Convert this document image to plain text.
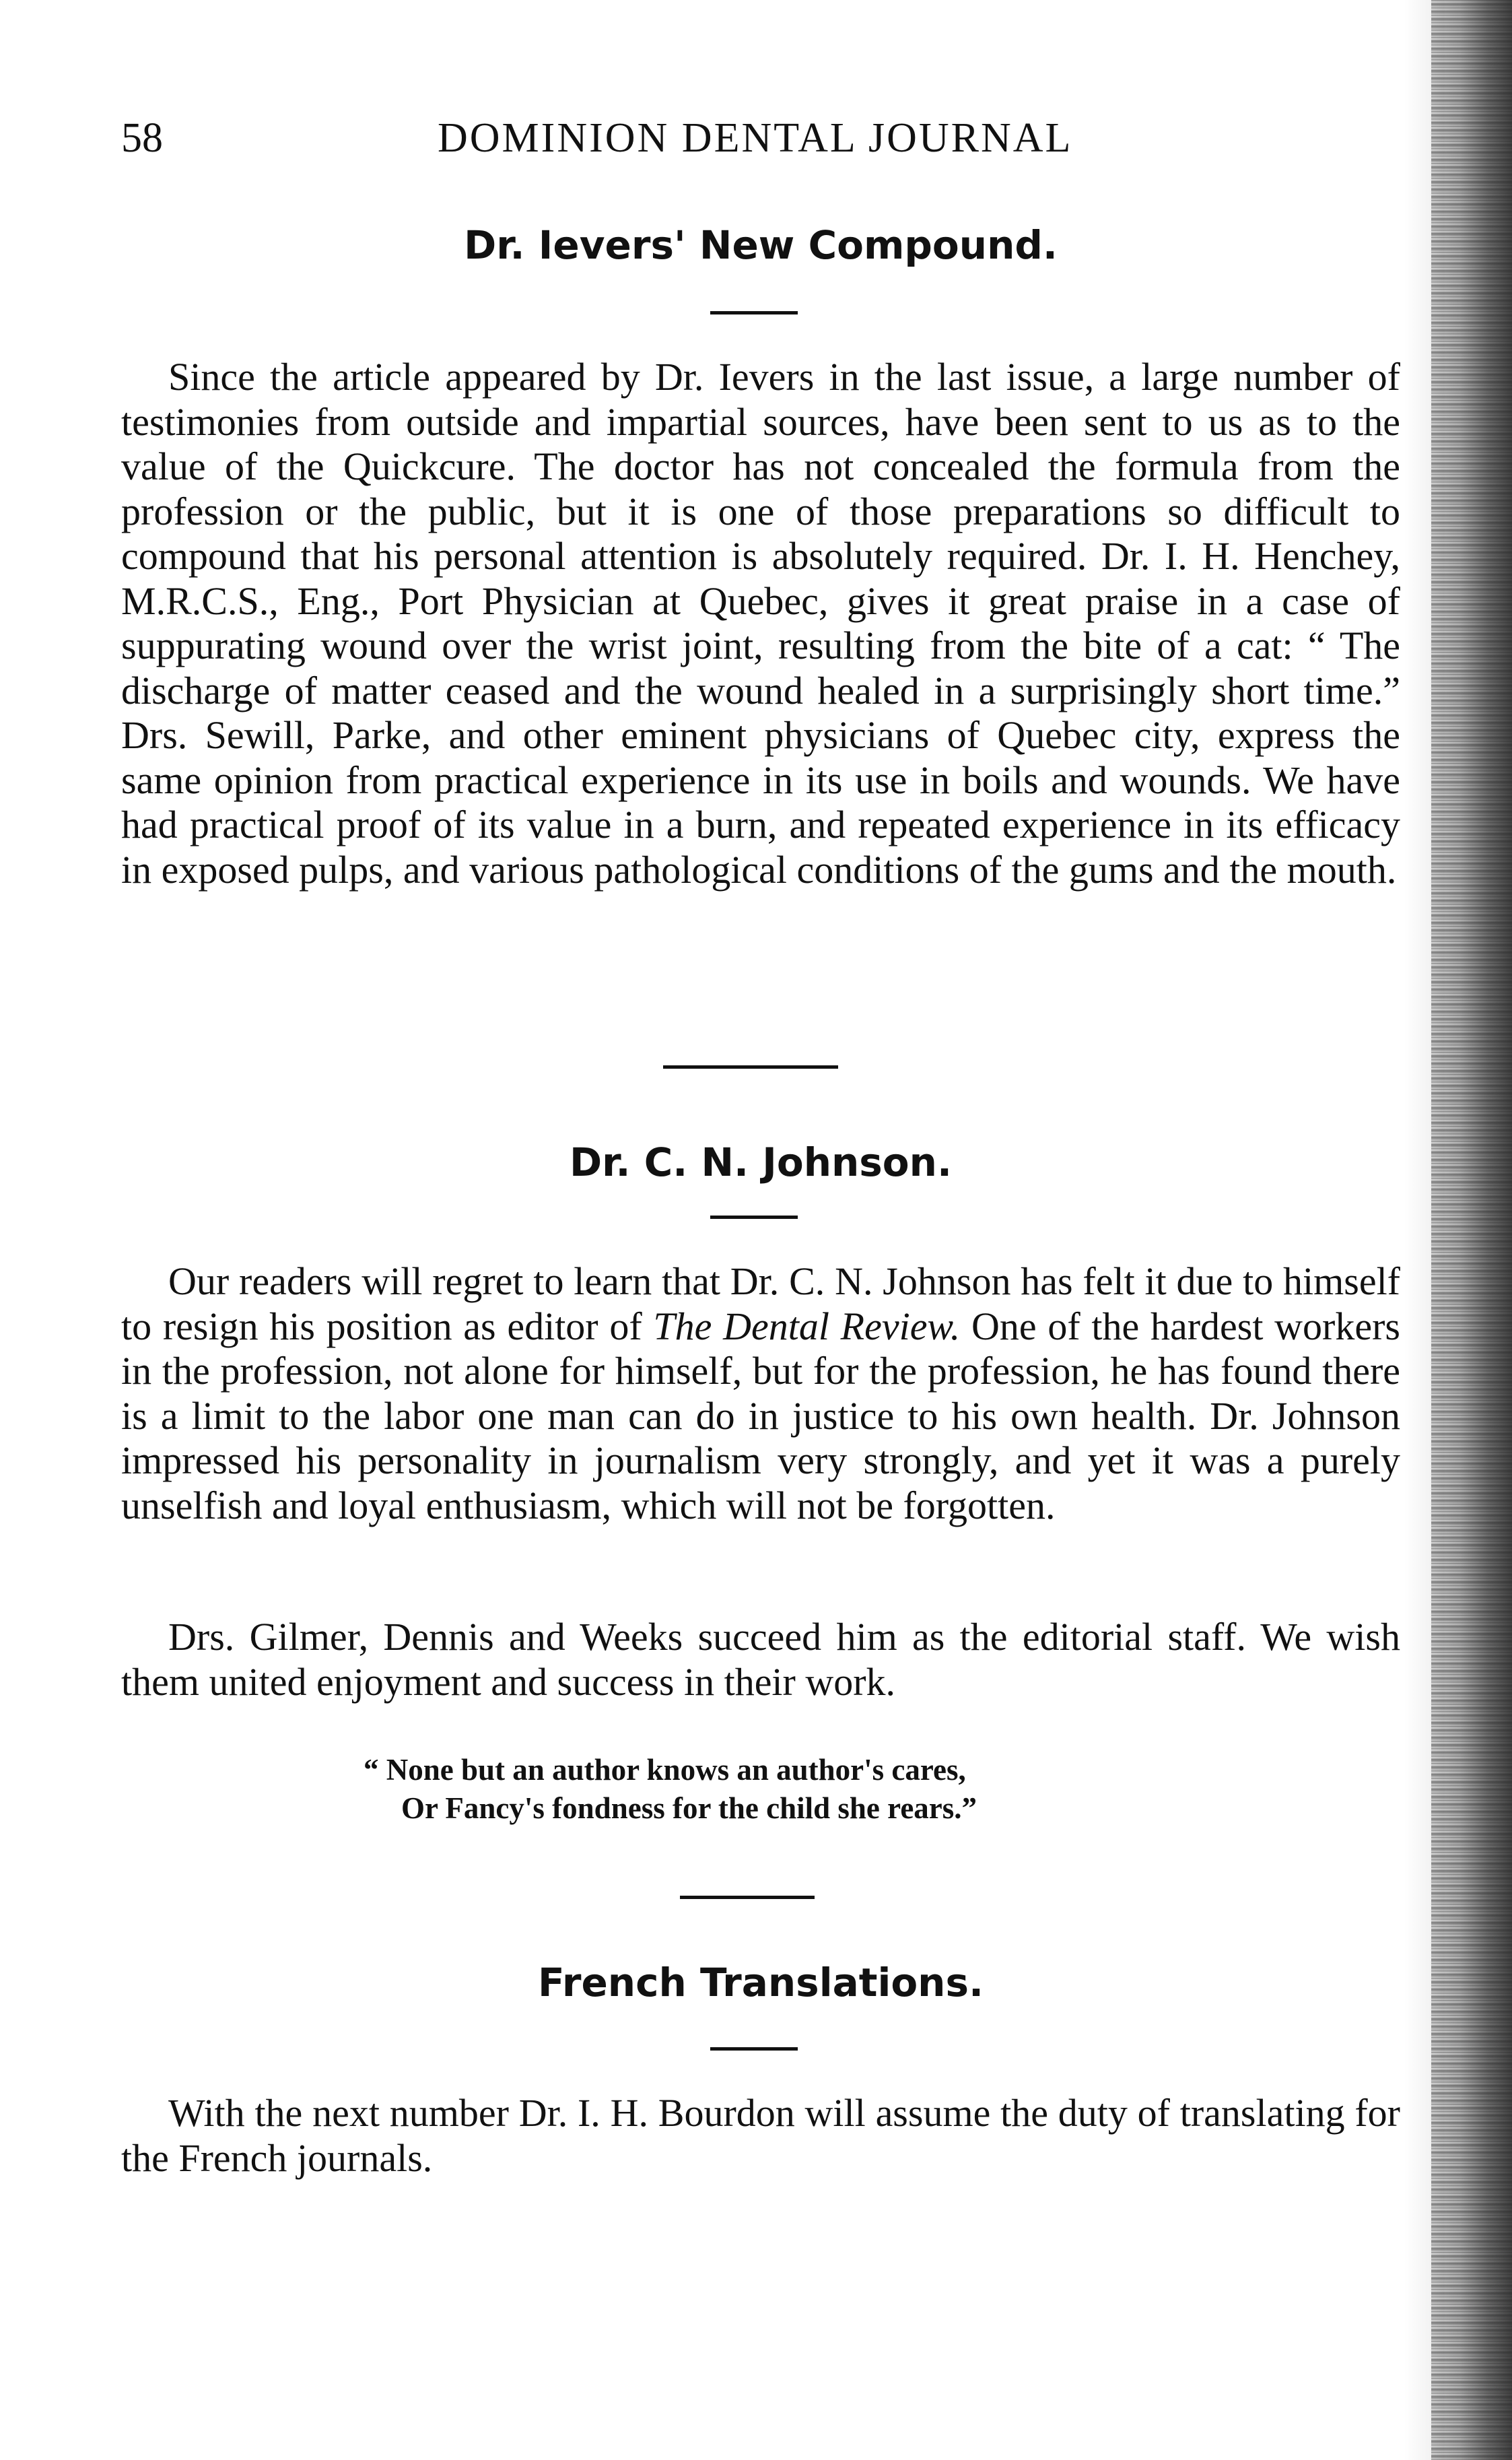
58	DOMINION DENTAL JOURNAL
Dr. Ievers' New Compound.
Since the article appeared by Dr. Ievers in the last issue, a large number of testimonies from outside and impartial sources, have been sent to us as to the value of the Quickcure. The doctor has not concealed the formula from the profession or the public, but it is one of those preparations so difficult to compound that his personal attention is absolutely required. Dr. I. H. Henchey, M.R.C.S., Eng., Port Physician at Quebec, gives it great praise in a case of suppurating wound over the wrist joint, resulting from the bite of a cat: “ The discharge of matter ceased and the wound healed in a surprisingly short time.” Drs. Sewill, Parke, and other eminent physicians of Quebec city, express the same opinion from practical experience in its use in boils and wounds. We have had practical proof of its value in a burn, and repeated experience in its efficacy in exposed pulps, and various pathological conditions of the gums and the mouth.
Dr. C. N. Johnson.
Our readers will regret to learn that Dr. C. N. Johnson has felt it due to himself to resign his position as editor of The Dental Review. One of the hardest workers in the profession, not alone for himself, but for the profession, he has found there is a limit to the labor one man can do in justice to his own health. Dr. Johnson impressed his personality in journalism very strongly, and yet it was a purely unselfish and loyal enthusiasm, which will not be forgotten.
Drs. Gilmer, Dennis and Weeks succeed him as the editorial staff. We wish them united enjoyment and success in their work.
“ None but an author knows an author's cares,
Or Fancy's fondness for the child she rears.”
French Translations.
With the next number Dr. I. H. Bourdon will assume the duty of translating for the French journals.
